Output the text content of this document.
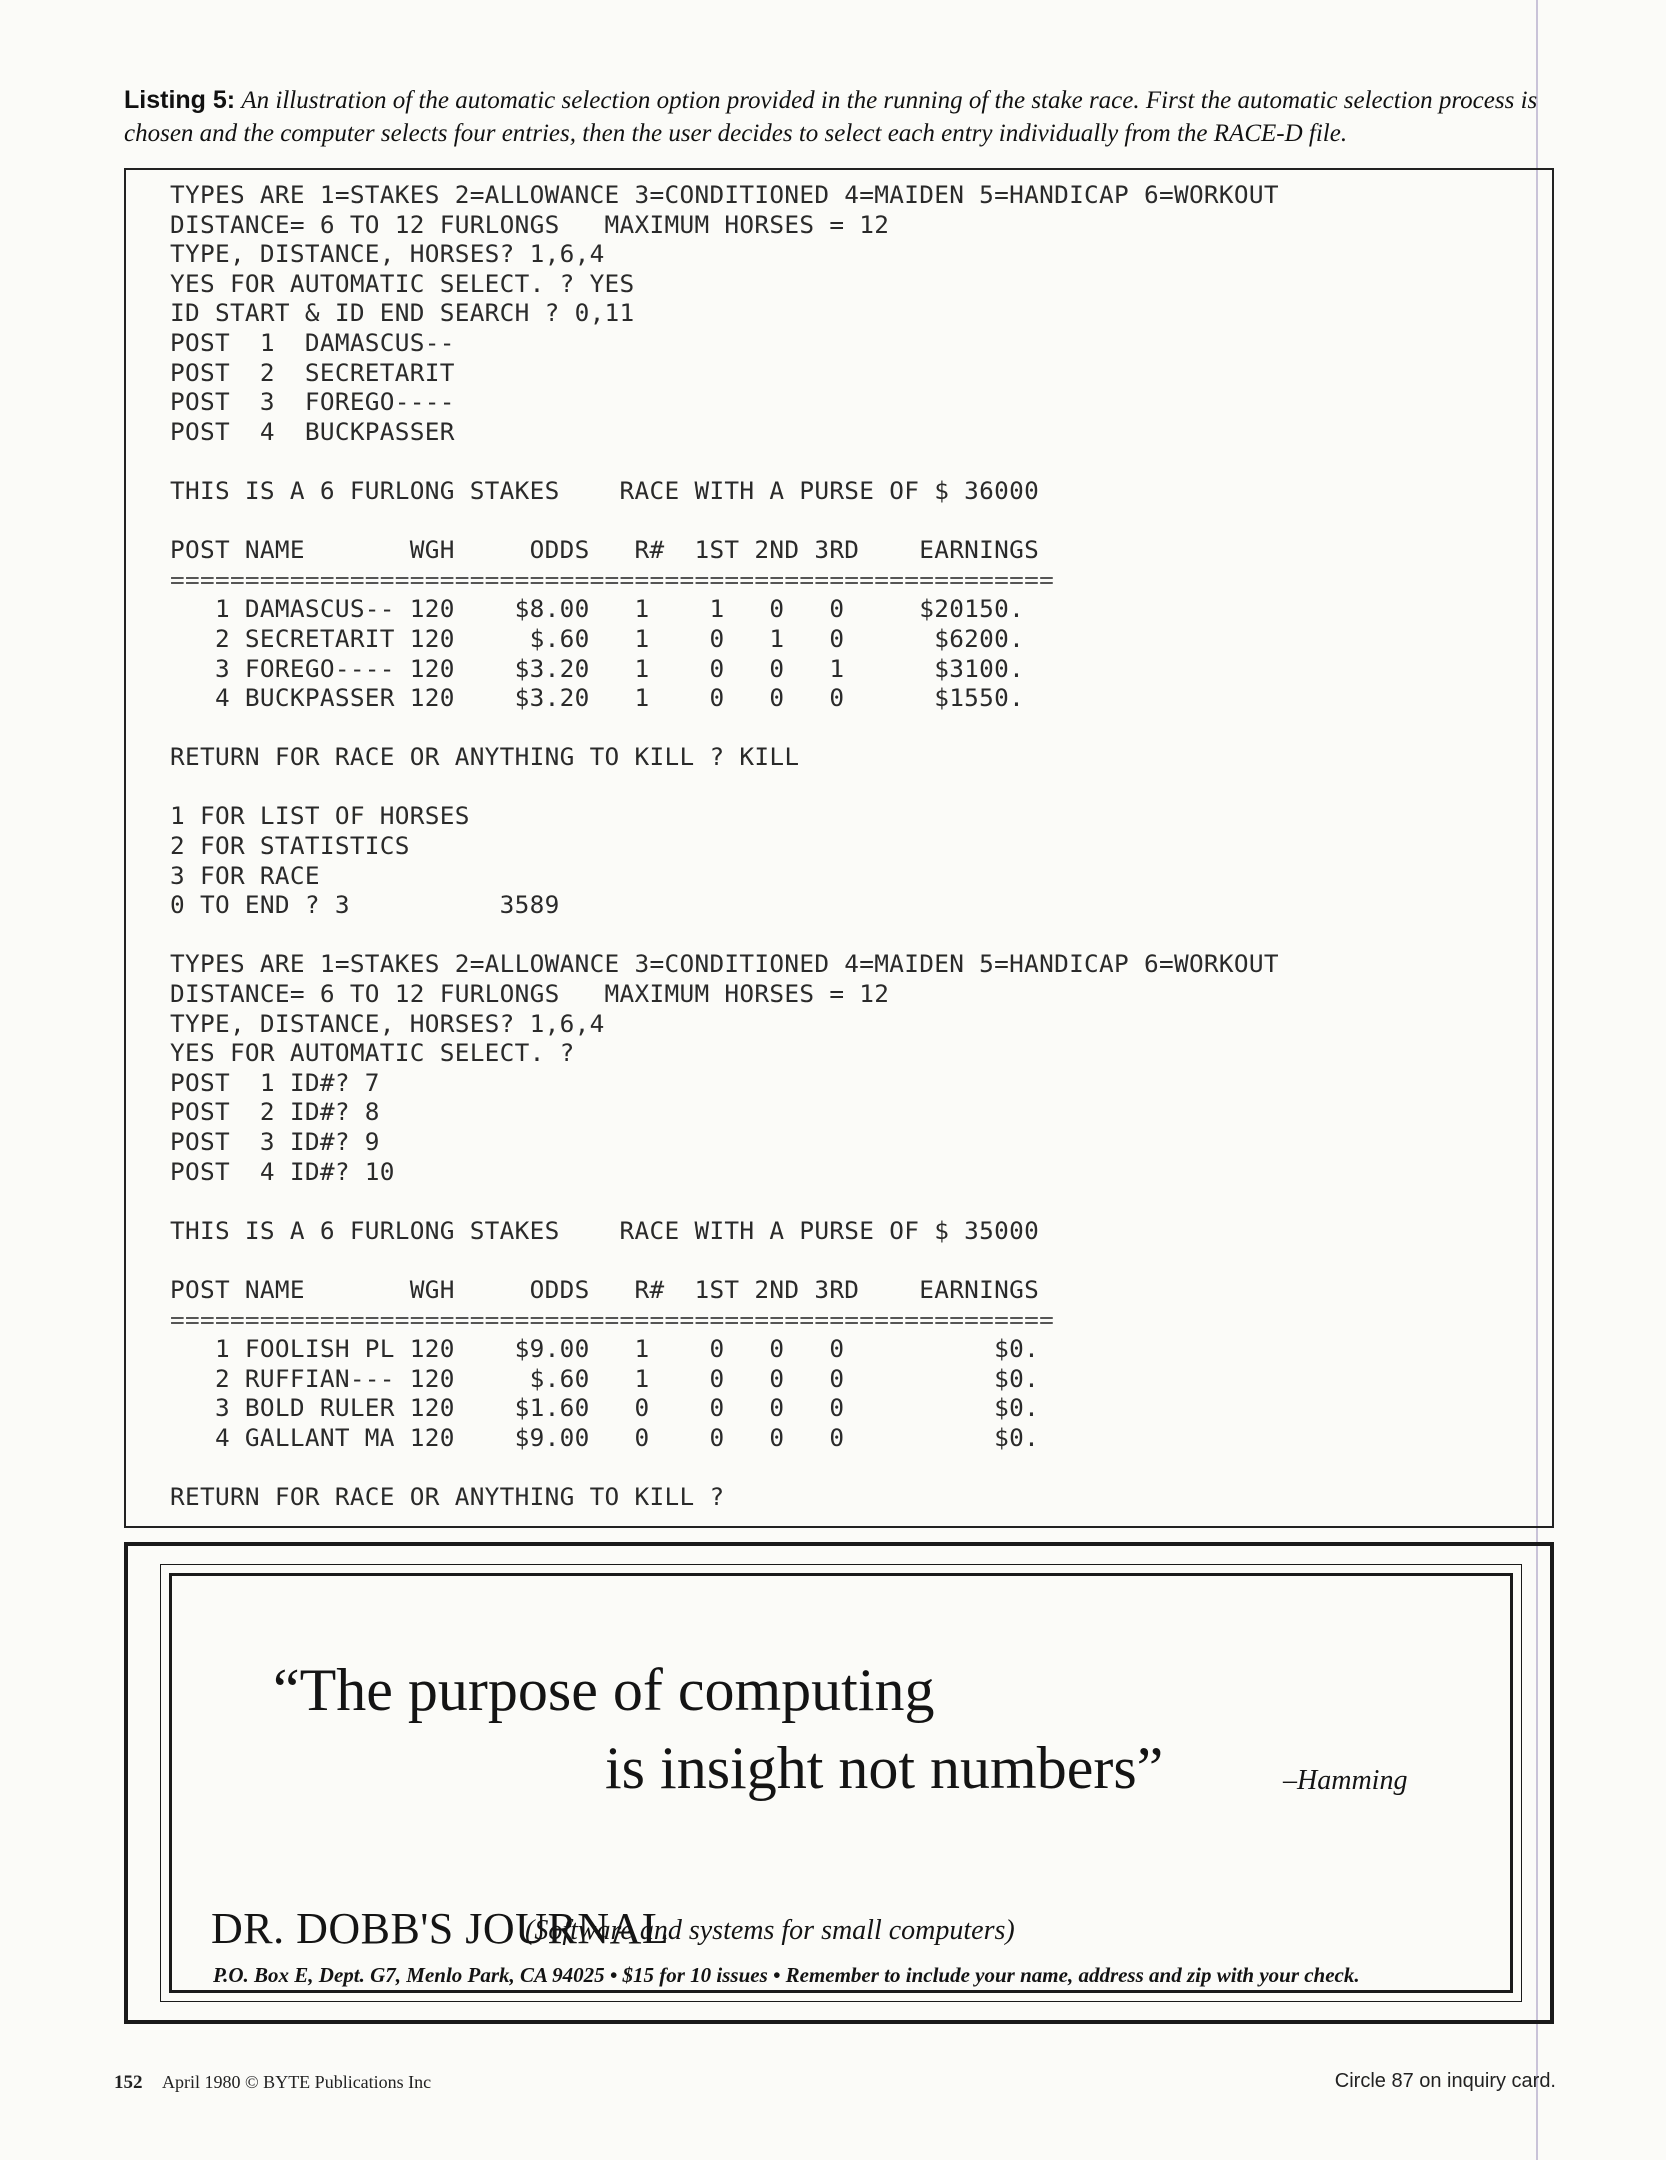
Listing 5: An illustration of the automatic selection option provided in the running of the stake race. First the automatic selection process is chosen and the computer selects four entries, then the user decides to select each entry individually from the RACE-D file.
TYPES ARE 1=STAKES 2=ALLOWANCE 3=CONDITIONED 4=MAIDEN 5=HANDICAP 6=WORKOUT
DISTANCE= 6 TO 12 FURLONGS   MAXIMUM HORSES = 12
TYPE, DISTANCE, HORSES? 1,6,4
YES FOR AUTOMATIC SELECT. ? YES
ID START & ID END SEARCH ? 0,11
POST  1  DAMASCUS--
POST  2  SECRETARIT
POST  3  FOREGO----
POST  4  BUCKPASSER

THIS IS A 6 FURLONG STAKES    RACE WITH A PURSE OF $ 36000

POST NAME       WGH     ODDS   R#  1ST 2ND 3RD    EARNINGS
===========================================================
1 DAMASCUS-- 120    $8.00   1    1   0   0     $20150.
2 SECRETARIT 120     $.60   1    0   1   0      $6200.
3 FOREGO---- 120    $3.20   1    0   0   1      $3100.
4 BUCKPASSER 120    $3.20   1    0   0   0      $1550.

RETURN FOR RACE OR ANYTHING TO KILL ? KILL

1 FOR LIST OF HORSES
2 FOR STATISTICS
3 FOR RACE
0 TO END ? 3          3589

TYPES ARE 1=STAKES 2=ALLOWANCE 3=CONDITIONED 4=MAIDEN 5=HANDICAP 6=WORKOUT
DISTANCE= 6 TO 12 FURLONGS   MAXIMUM HORSES = 12
TYPE, DISTANCE, HORSES? 1,6,4
YES FOR AUTOMATIC SELECT. ?
POST  1 ID#? 7
POST  2 ID#? 8
POST  3 ID#? 9
POST  4 ID#? 10

THIS IS A 6 FURLONG STAKES    RACE WITH A PURSE OF $ 35000

POST NAME       WGH     ODDS   R#  1ST 2ND 3RD    EARNINGS
===========================================================
1 FOOLISH PL 120    $9.00   1    0   0   0          $0.
2 RUFFIAN--- 120     $.60   1    0   0   0          $0.
3 BOLD RULER 120    $1.60   0    0   0   0          $0.
4 GALLANT MA 120    $9.00   0    0   0   0          $0.

RETURN FOR RACE OR ANYTHING TO KILL ?
“The purpose of computing
is insight not numbers”	–Hamming
DR. DOBB'S JOURNAL
(Software and systems for small computers)
P.O. Box E, Dept. G7, Menlo Park, CA 94025 • $15 for 10 issues • Remember to include your name, address and zip with your check.
152 April 1980 © BYTE Publications Inc	Circle 87 on inquiry card.
